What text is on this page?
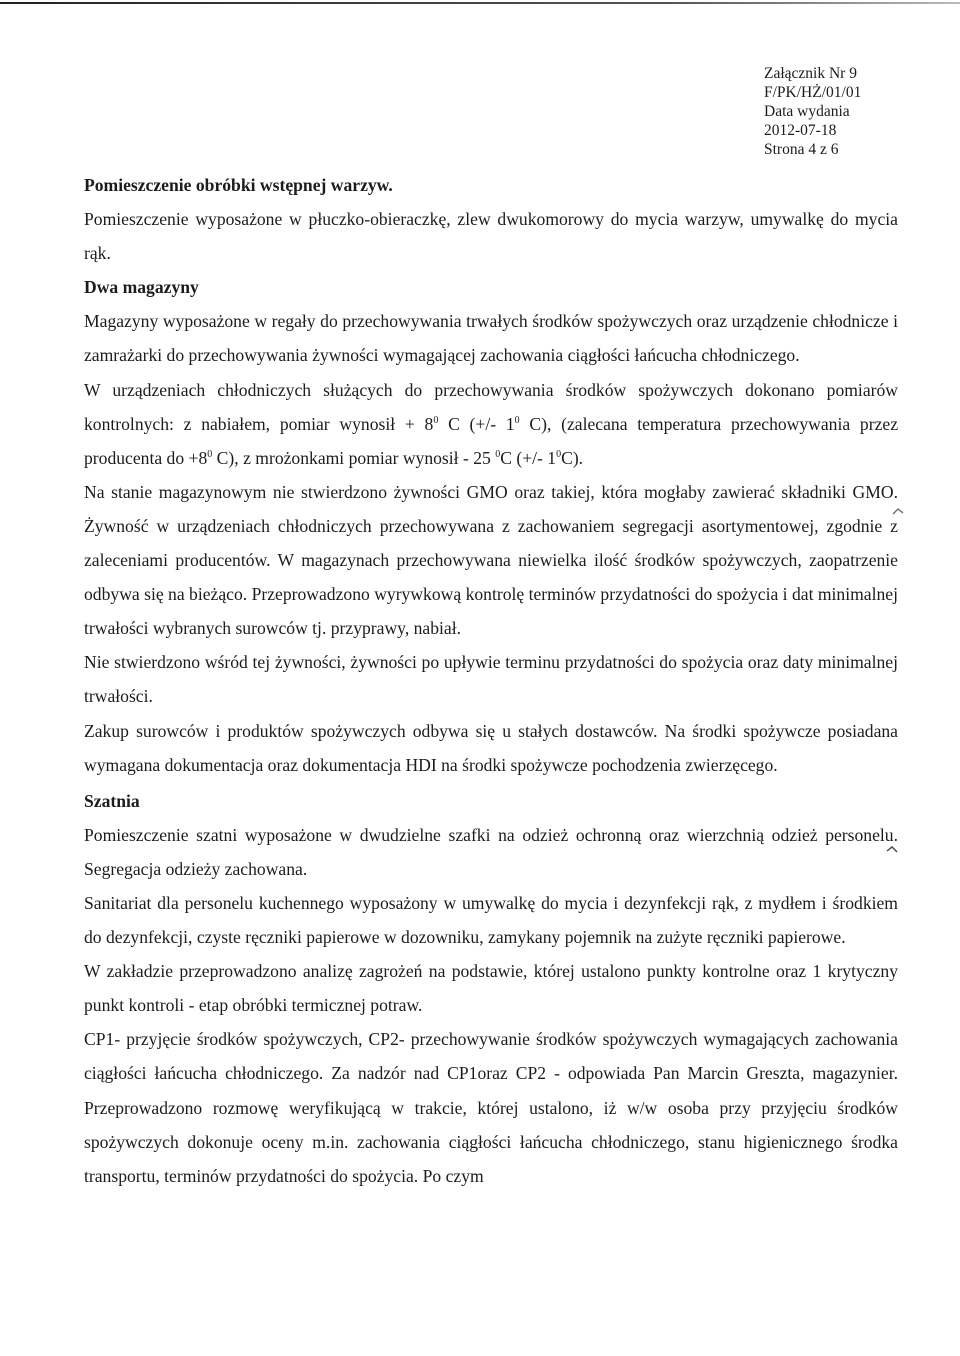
Załącznik Nr 9
F/PK/HŻ/01/01
Data wydania
2012-07-18
Strona 4 z 6
Pomieszczenie obróbki wstępnej warzyw.

Pomieszczenie wyposażone w płuczko-obieraczkę, zlew dwukomorowy do mycia warzyw, umywalkę do mycia rąk.

Dwa magazyny

Magazyny wyposażone w regały do przechowywania trwałych środków spożywczych oraz urządzenie chłodnicze i zamrażarki do przechowywania żywności wymagającej zachowania ciągłości łańcucha chłodniczego.

W urządzeniach chłodniczych służących do przechowywania środków spożywczych dokonano pomiarów kontrolnych: z nabiałem, pomiar wynosił + $8^0$ C (+/- $1^0$ C), (zalecana temperatura przechowywania przez producenta do $+8^0$ C), z mrożonkami pomiar wynosił - 25 $^0$C (+/- $1^0C$).

Na stanie magazynowym nie stwierdzono żywności GMO oraz takiej, która mogłaby zawierać składniki GMO. Żywność w urządzeniach chłodniczych przechowywana z zachowaniem segregacji asortymentowej, zgodnie z zaleceniami producentów. W magazynach przechowywana niewielka ilość środków spożywczych, zaopatrzenie odbywa się na bieżąco. Przeprowadzono wyrywkową kontrolę terminów przydatności do spożycia i dat minimalnej trwałości wybranych surowców tj. przyprawy, nabiał.

Nie stwierdzono wśród tej żywności, żywności po upływie terminu przydatności do spożycia oraz daty minimalnej trwałości.

Zakup surowców i produktów spożywczych odbywa się u stałych dostawców. Na środki spożywcze posiadana wymagana dokumentacja oraz dokumentacja HDI na środki spożywcze pochodzenia zwierzęcego.

Szatnia

Pomieszczenie szatni wyposażone w dwudzielne szafki na odzież ochronną oraz wierzchnią odzież personelu. Segregacja odzieży zachowana.

Sanitariat dla personelu kuchennego wyposażony w umywalkę do mycia i dezynfekcji rąk, z mydłem i środkiem do dezynfekcji, czyste ręczniki papierowe w dozowniku, zamykany pojemnik na zużyte ręczniki papierowe.

W zakładzie przeprowadzono analizę zagrożeń na podstawie, której ustalono punkty kontrolne oraz 1 krytyczny punkt kontroli - etap obróbki termicznej potraw.

CP1- przyjęcie środków spożywczych, CP2- przechowywanie środków spożywczych wymagających zachowania ciągłości łańcucha chłodniczego. Za nadzór nad CP1oraz CP2 - odpowiada Pan Marcin Greszta, magazynier. Przeprowadzono rozmowę weryfikującą w trakcie, której ustalono, iż w/w osoba przy przyjęciu środków spożywczych dokonuje oceny m.in. zachowania ciągłości łańcucha chłodniczego, stanu higienicznego środka transportu, terminów przydatności do spożycia. Po czym
